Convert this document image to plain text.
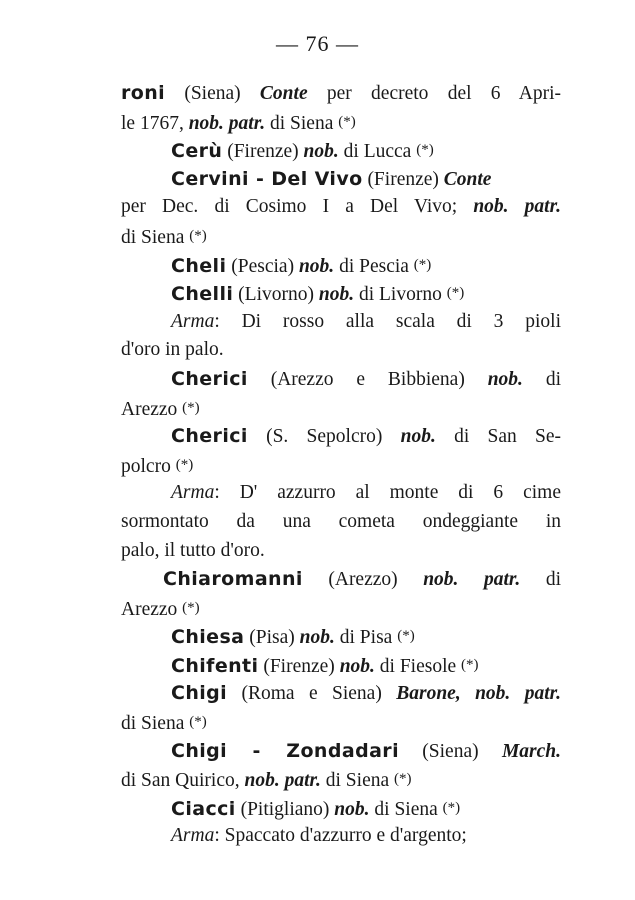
— 76 —
roni (Siena) Conte per decreto del 6 Apri-
le 1767, nob. patr. di Siena (*)
Cerù (Firenze) nob. di Lucca (*)
Cervini - Del Vivo (Firenze) Conte
per Dec. di Cosimo I a Del Vivo; nob. patr.
di Siena (*)
Cheli (Pescia) nob. di Pescia (*)
Chelli (Livorno) nob. di Livorno (*)
Arma: Di rosso alla scala di 3 pioli
d'oro in palo.
Cherici (Arezzo e Bibbiena) nob. di
Arezzo (*)
Cherici (S. Sepolcro) nob. di San Se-
polcro (*)
Arma: D' azzurro al monte di 6 cime
sormontato da una cometa ondeggiante in
palo, il tutto d'oro.
Chiaromanni (Arezzo) nob. patr. di
Arezzo (*)
Chiesa (Pisa) nob. di Pisa (*)
Chifenti (Firenze) nob. di Fiesole (*)
Chigi (Roma e Siena) Barone, nob. patr.
di Siena (*)
Chigi - Zondadari (Siena) March.
di San Quirico, nob. patr. di Siena (*)
Ciacci (Pitigliano) nob. di Siena (*)
Arma: Spaccato d'azzurro e d'argento;
